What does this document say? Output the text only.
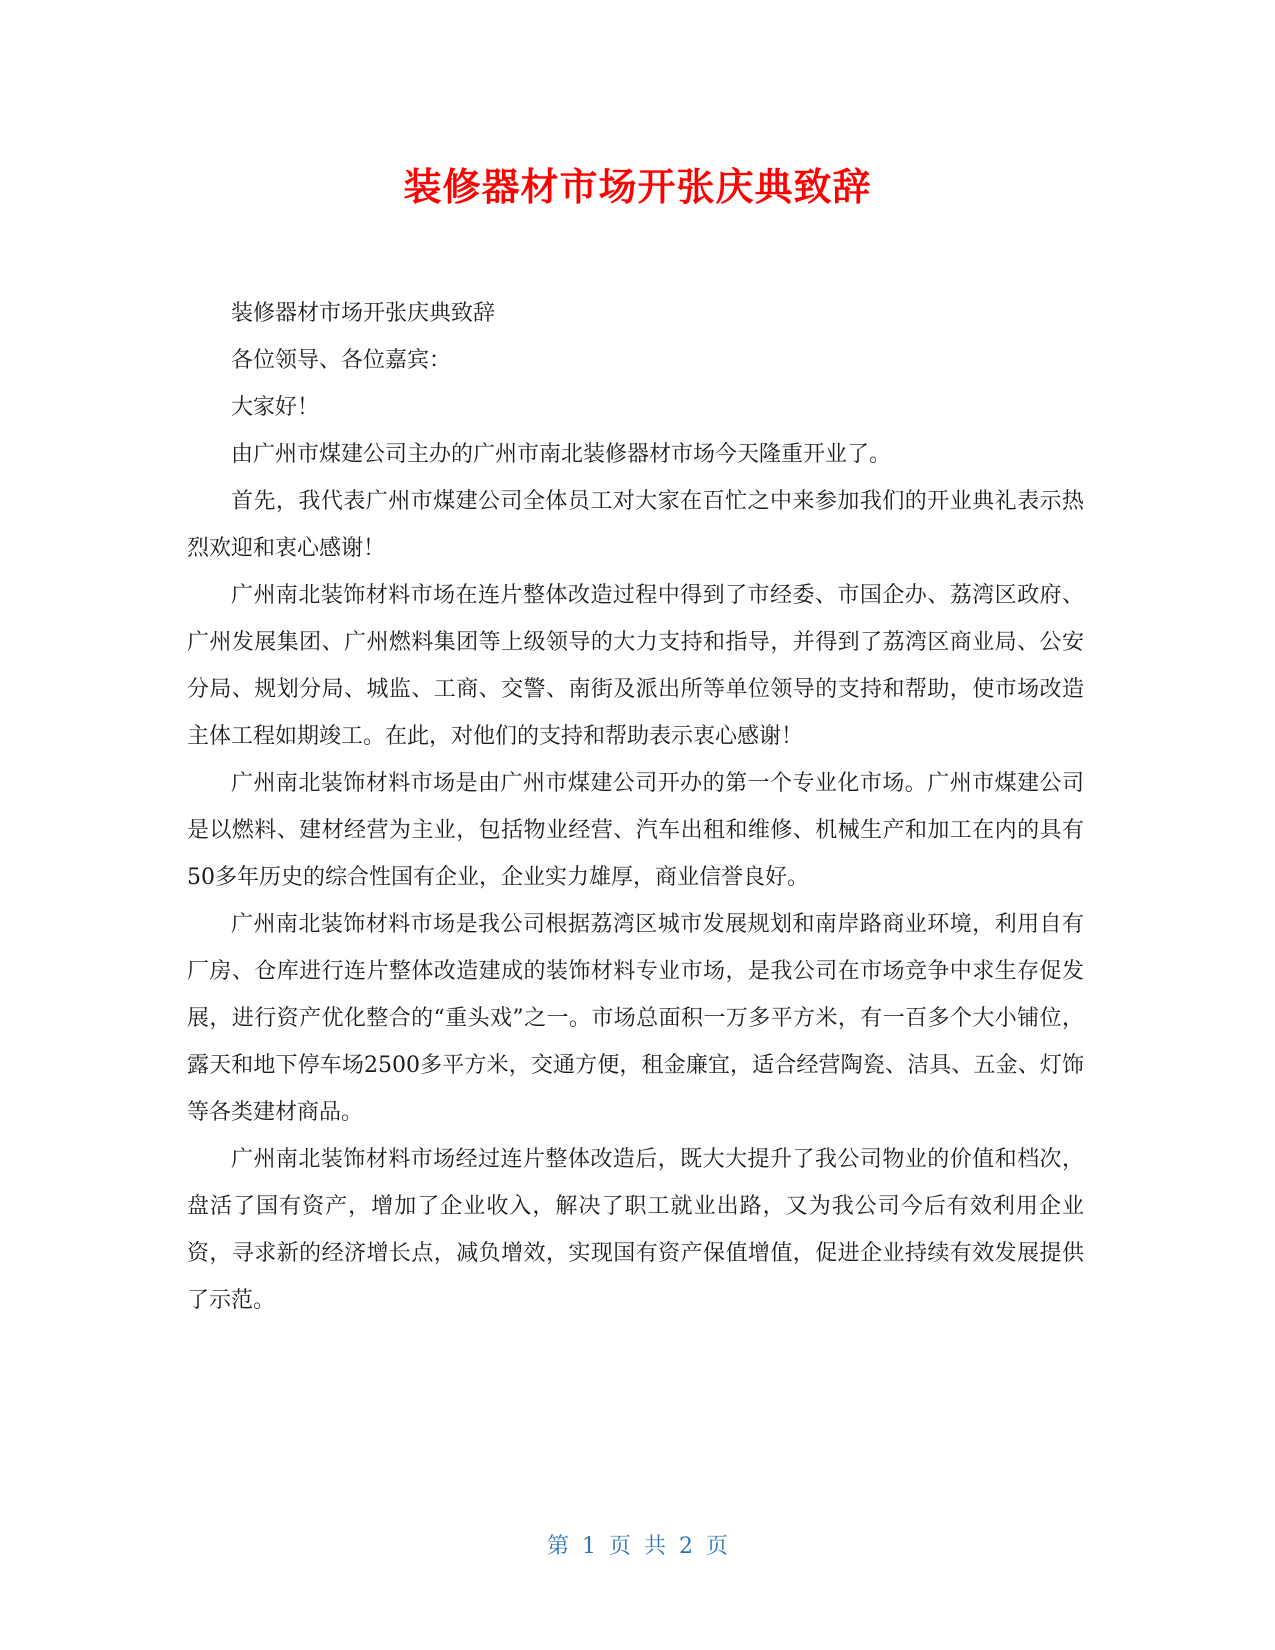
装修器材市场开张庆典致辞

装修器材市场开张庆典致辞

各位领导、各位嘉宾：

大家好！

由广州市煤建公司主办的广州市南北装修器材市场今天隆重开业了。

首先，我代表广州市煤建公司全体员工对大家在百忙之中来参加我们的开业典礼表示热烈欢迎和衷心感谢！

广州南北装饰材料市场在连片整体改造过程中得到了市经委、市国企办、荔湾区政府、广州发展集团、广州燃料集团等上级领导的大力支持和指导，并得到了荔湾区商业局、公安分局、规划分局、城监、工商、交警、南街及派出所等单位领导的支持和帮助，使市场改造主体工程如期竣工。在此，对他们的支持和帮助表示衷心感谢！

广州南北装饰材料市场是由广州市煤建公司开办的第一个专业化市场。广州市煤建公司是以燃料、建材经营为主业，包括物业经营、汽车出租和维修、机械生产和加工在内的具有50多年历史的综合性国有企业，企业实力雄厚，商业信誉良好。

广州南北装饰材料市场是我公司根据荔湾区城市发展规划和南岸路商业环境，利用自有厂房、仓库进行连片整体改造建成的装饰材料专业市场，是我公司在市场竞争中求生存促发展，进行资产优化整合的“重头戏”之一。市场总面积一万多平方米，有一百多个大小铺位，露天和地下停车场2500多平方米，交通方便，租金廉宜，适合经营陶瓷、洁具、五金、灯饰等各类建材商品。

广州南北装饰材料市场经过连片整体改造后，既大大提升了我公司物业的价值和档次，盘活了国有资产，增加了企业收入，解决了职工就业出路，又为我公司今后有效利用企业资，寻求新的经济增长点，减负增效，实现国有资产保值增值，促进企业持续有效发展提供了示范。

第 1 页 共 2 页
